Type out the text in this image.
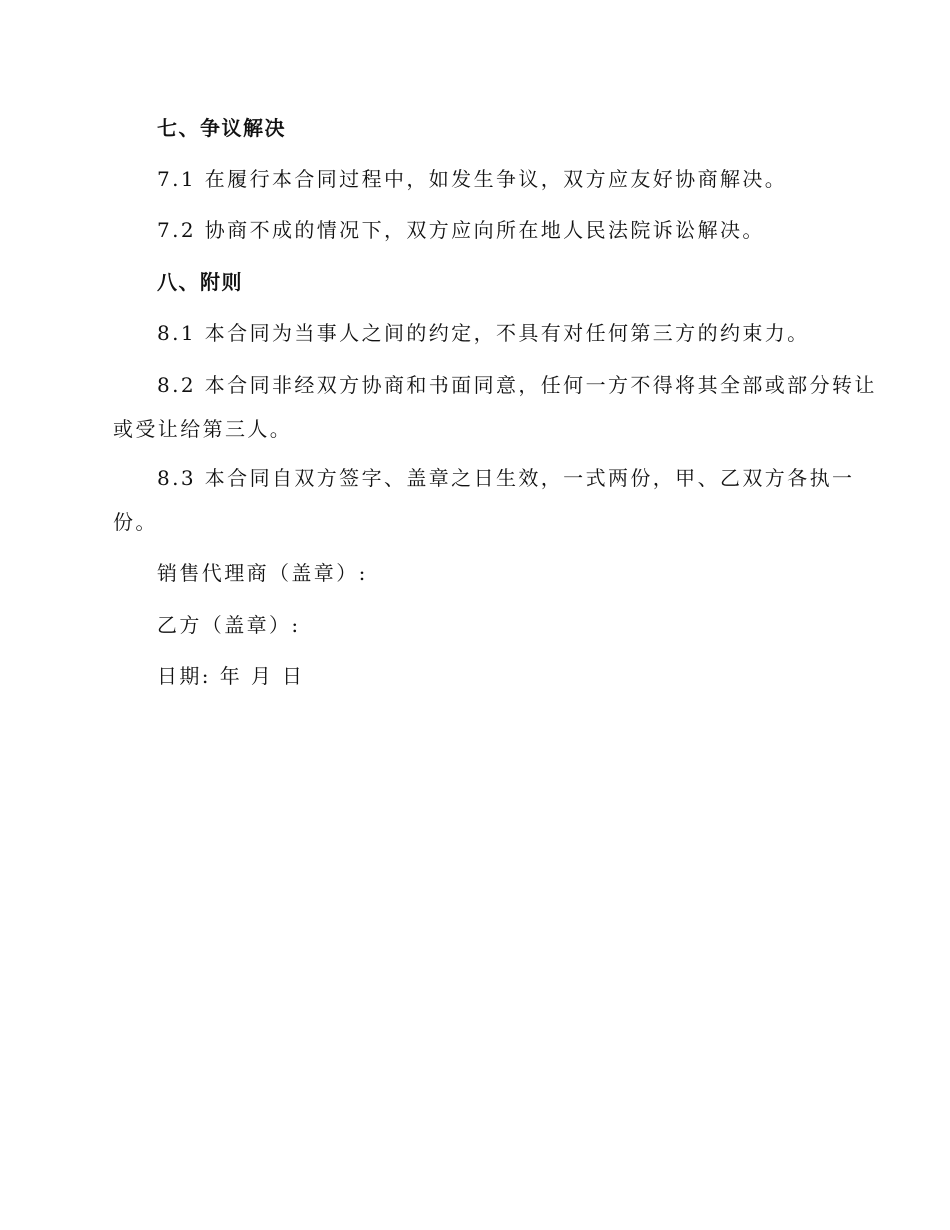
七、争议解决
7.1 在履行本合同过程中，如发生争议，双方应友好协商解决。
7.2 协商不成的情况下，双方应向所在地人民法院诉讼解决。
八、附则
8.1 本合同为当事人之间的约定，不具有对任何第三方的约束力。
8.2 本合同非经双方协商和书面同意，任何一方不得将其全部或部分转让
或受让给第三人。
8.3 本合同自双方签字、盖章之日生效，一式两份，甲、乙双方各执一
份。
销售代理商（盖章）:
乙方（盖章）:
日期: 年 月 日
